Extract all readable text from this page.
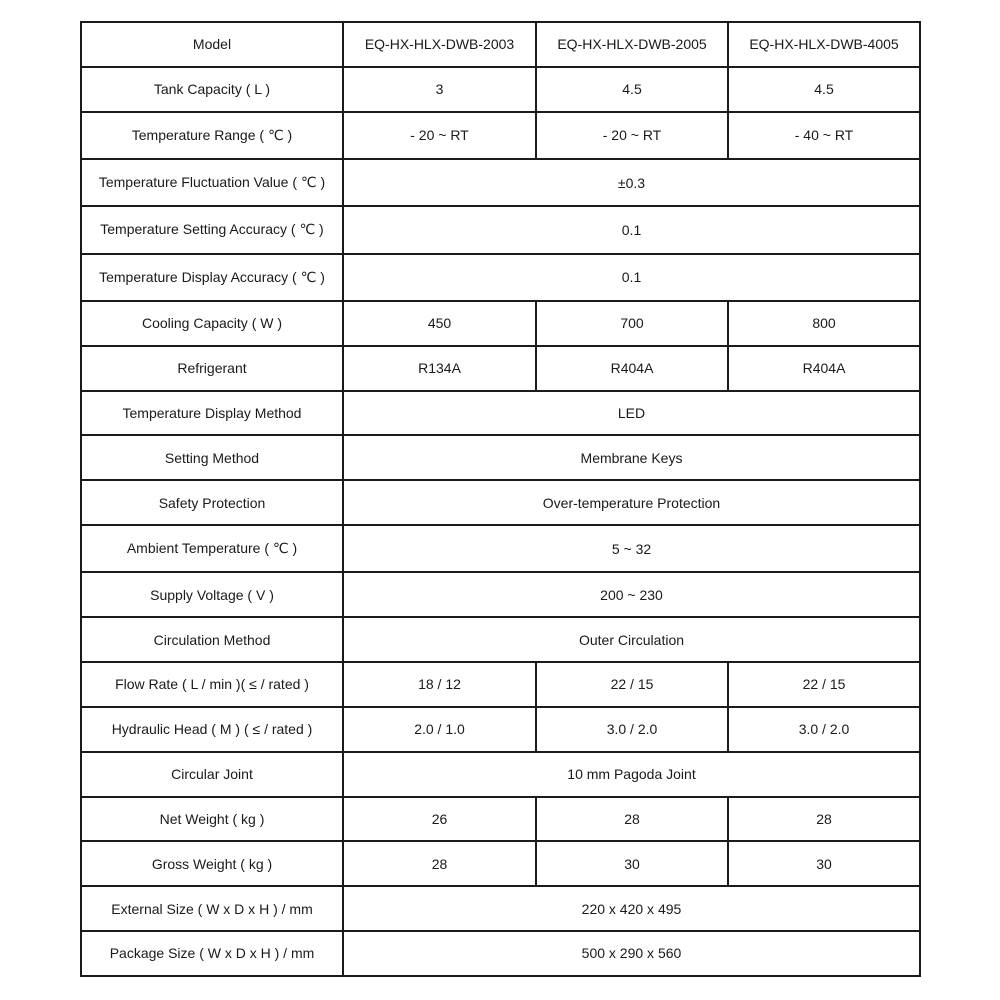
Model	EQ-HX-HLX-DWB-2003	EQ-HX-HLX-DWB-2005	EQ-HX-HLX-DWB-4005
Tank Capacity ( L )	3	4.5	4.5
Temperature Range ( ℃ )	- 20 ~ RT	- 20 ~ RT	- 40 ~ RT
Temperature Fluctuation Value ( ℃ )	±0.3		
Temperature Setting Accuracy ( ℃ )	0.1		
Temperature Display Accuracy ( ℃ )	0.1		
Cooling Capacity ( W )	450	700	800
Refrigerant	R134A	R404A	R404A
Temperature Display Method	LED		
Setting Method	Membrane Keys		
Safety Protection	Over-temperature Protection		
Ambient Temperature ( ℃ )	5 ~ 32		
Supply Voltage ( V )	200 ~ 230		
Circulation Method	Outer Circulation		
Flow Rate ( L / min )( ≤ / rated )	18 / 12	22 / 15	22 / 15
Hydraulic Head ( M ) ( ≤ / rated )	2.0 / 1.0	3.0 / 2.0	3.0 / 2.0
Circular Joint	10 mm Pagoda Joint		
Net Weight ( kg )	26	28	28
Gross Weight ( kg )	28	30	30
External Size ( W x D x H ) / mm	220 x 420 x 495		
Package Size ( W x D x H ) / mm	500 x 290 x 560		
